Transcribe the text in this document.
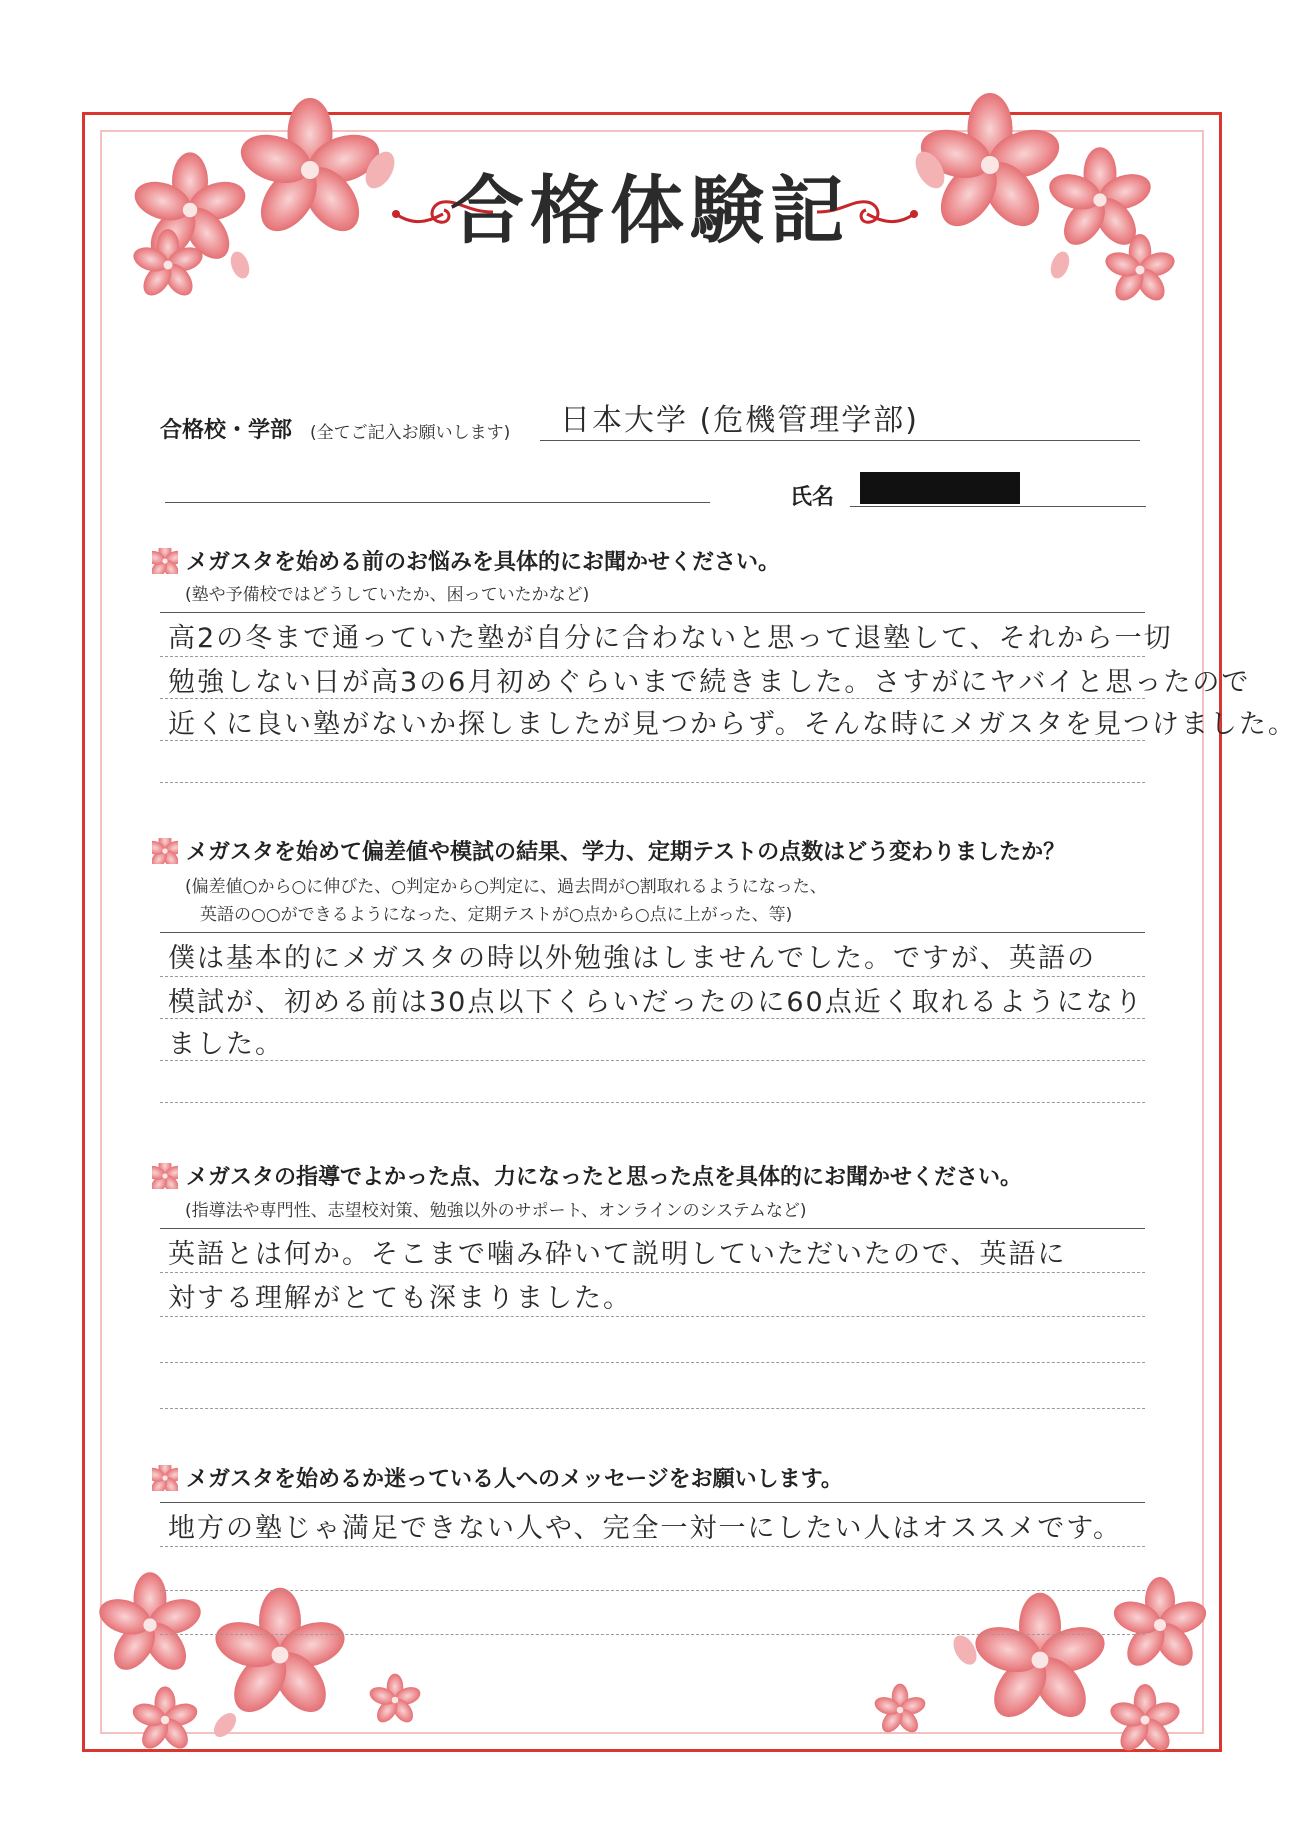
合格体験記
合格校・学部 (全てご記入お願いします) 日本大学 (危機管理学部)
氏名
メガスタを始める前のお悩みを具体的にお聞かせください。
(塾や予備校ではどうしていたか、困っていたかなど)
高2の冬まで通っていた塾が自分に合わないと思って退塾して、それから一切
勉強しない日が高3の6月初めぐらいまで続きました。さすがにヤバイと思ったので
近くに良い塾がないか探しましたが見つからず。そんな時にメガスタを見つけました。
メガスタを始めて偏差値や模試の結果、学力、定期テストの点数はどう変わりましたか？
(偏差値○から○に伸びた、○判定から○判定に、過去問が○割取れるようになった、
英語の○○ができるようになった、定期テストが○点から○点に上がった、等)
僕は基本的にメガスタの時以外勉強はしませんでした。ですが、英語の
模試が、初める前は30点以下くらいだったのに60点近く取れるようになり
ました。
メガスタの指導でよかった点、力になったと思った点を具体的にお聞かせください。
(指導法や専門性、志望校対策、勉強以外のサポート、オンラインのシステムなど)
英語とは何か。そこまで噛み砕いて説明していただいたので、英語に
対する理解がとても深まりました。
メガスタを始めるか迷っている人へのメッセージをお願いします。
地方の塾じゃ満足できない人や、完全一対一にしたい人はオススメです。
